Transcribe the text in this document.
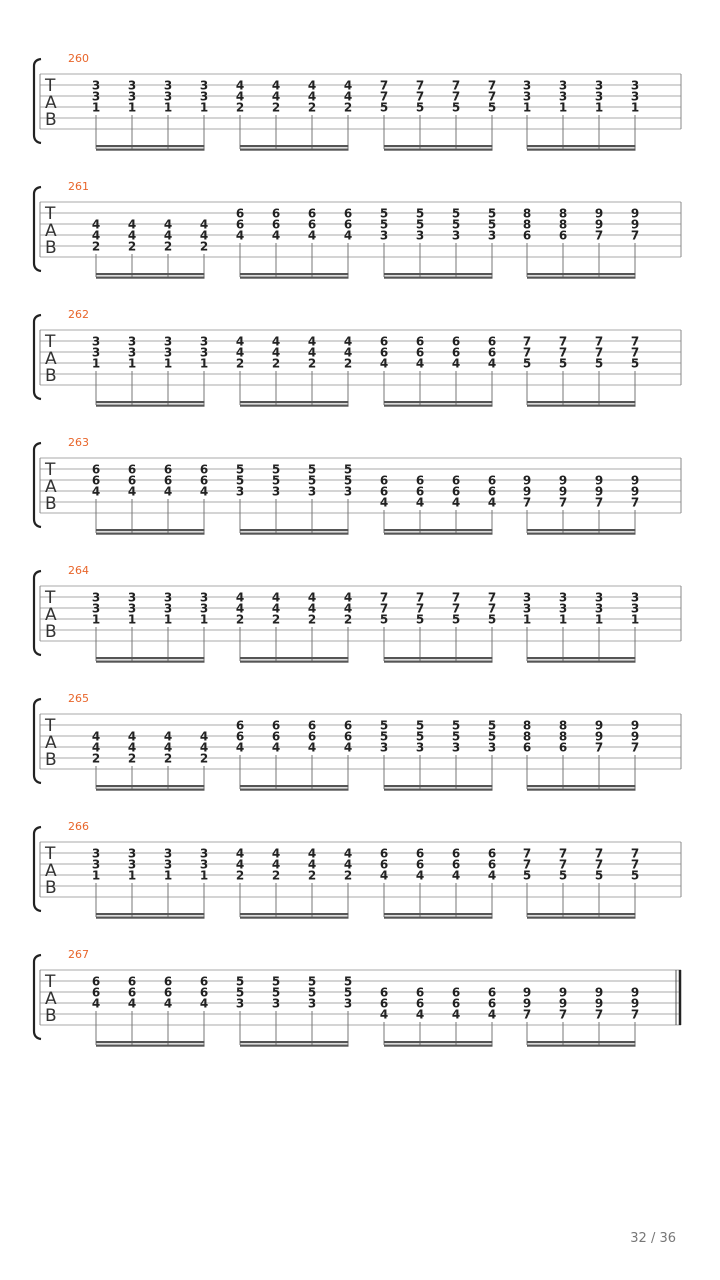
260
T
A
B
3
3
1
3
3
1
3
3
1
3
3
1
4
4
2
4
4
2
4
4
2
4
4
2
7
7
5
7
7
5
7
7
5
7
7
5
3
3
1
3
3
1
3
3
1
3
3
1
261
T
A
B
4
4
2
4
4
2
4
4
2
4
4
2
6
6
4
6
6
4
6
6
4
6
6
4
5
5
3
5
5
3
5
5
3
5
5
3
8
8
6
8
8
6
9
9
7
9
9
7
262
T
A
B
3
3
1
3
3
1
3
3
1
3
3
1
4
4
2
4
4
2
4
4
2
4
4
2
6
6
4
6
6
4
6
6
4
6
6
4
7
7
5
7
7
5
7
7
5
7
7
5
263
T
A
B
6
6
4
6
6
4
6
6
4
6
6
4
5
5
3
5
5
3
5
5
3
5
5
3
6
6
4
6
6
4
6
6
4
6
6
4
9
9
7
9
9
7
9
9
7
9
9
7
264
T
A
B
3
3
1
3
3
1
3
3
1
3
3
1
4
4
2
4
4
2
4
4
2
4
4
2
7
7
5
7
7
5
7
7
5
7
7
5
3
3
1
3
3
1
3
3
1
3
3
1
265
T
A
B
4
4
2
4
4
2
4
4
2
4
4
2
6
6
4
6
6
4
6
6
4
6
6
4
5
5
3
5
5
3
5
5
3
5
5
3
8
8
6
8
8
6
9
9
7
9
9
7
266
T
A
B
3
3
1
3
3
1
3
3
1
3
3
1
4
4
2
4
4
2
4
4
2
4
4
2
6
6
4
6
6
4
6
6
4
6
6
4
7
7
5
7
7
5
7
7
5
7
7
5
267
T
A
B
6
6
4
6
6
4
6
6
4
6
6
4
5
5
3
5
5
3
5
5
3
5
5
3
6
6
4
6
6
4
6
6
4
6
6
4
9
9
7
9
9
7
9
9
7
9
9
7
32 / 36
